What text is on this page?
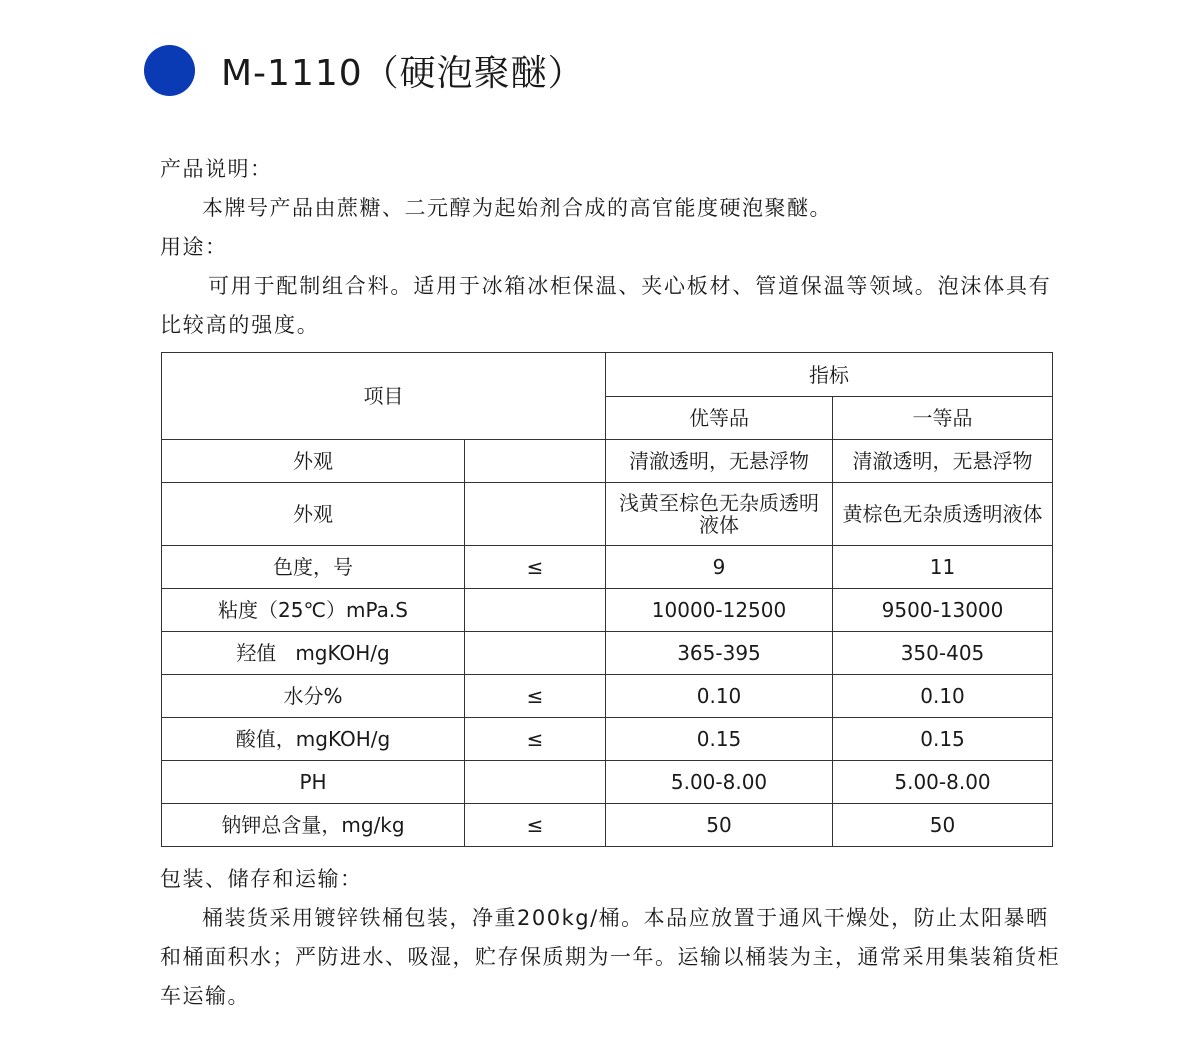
M-1110（硬泡聚醚）

产品说明：

本牌号产品由蔗糖、二元醇为起始剂合成的高官能度硬泡聚醚。

用途：

可用于配制组合料。适用于冰箱冰柜保温、夹心板材、管道保温等领域。泡沫体具有比较高的强度。

项目		指标	
		优等品	一等品
外观		清澈透明，无悬浮物	清澈透明，无悬浮物
外观		浅黄至棕色无杂质透明液体	黄棕色无杂质透明液体
色度，号	≤	9	11
粘度（25℃）mPa.S		10000-12500	9500-13000
羟值   mgKOH/g		365-395	350-405
水分%	≤	0.10	0.10
酸值，mgKOH/g	≤	0.15	0.15
PH		5.00-8.00	5.00-8.00
钠钾总含量，mg/kg	≤	50	50

包装、储存和运输：

桶装货采用镀锌铁桶包装，净重200kg/桶。本品应放置于通风干燥处，防止太阳暴晒和桶面积水；严防进水、吸湿，贮存保质期为一年。运输以桶装为主，通常采用集装箱货柜车运输。
